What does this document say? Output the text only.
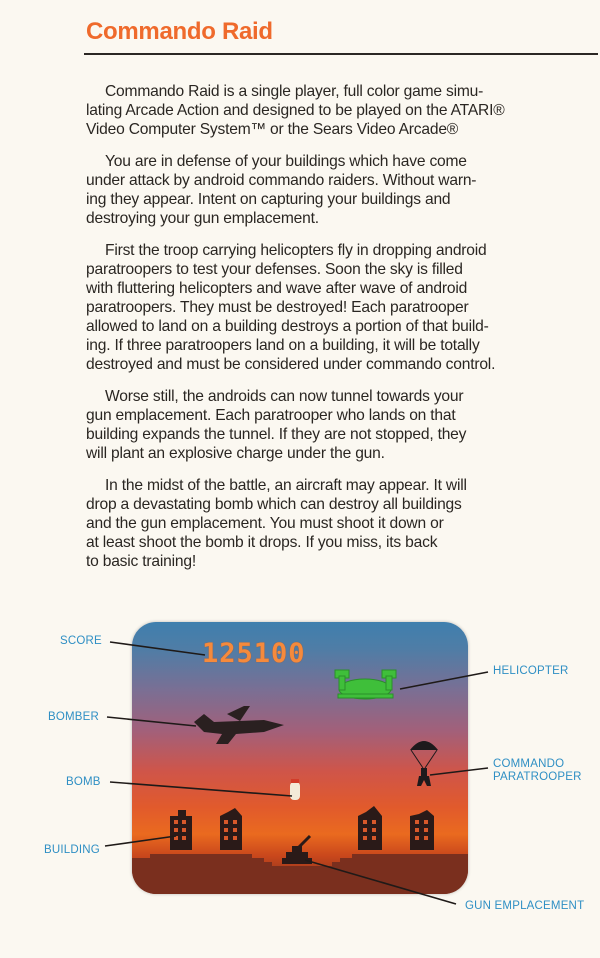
Commando Raid

Commando Raid is a single player, full color game simu-
lating Arcade Action and designed to be played on the ATARI®
Video Computer System™ or the Sears Video Arcade®

You are in defense of your buildings which have come
under attack by android commando raiders. Without warn-
ing they appear. Intent on capturing your buildings and
destroying your gun emplacement.

First the troop carrying helicopters fly in dropping android
paratroopers to test your defenses. Soon the sky is filled
with fluttering helicopters and wave after wave of android
paratroopers. They must be destroyed! Each paratrooper
allowed to land on a building destroys a portion of that build-
ing. If three paratroopers land on a building, it will be totally
destroyed and must be considered under commando control.

Worse still, the androids can now tunnel towards your
gun emplacement. Each paratrooper who lands on that
building expands the tunnel. If they are not stopped, they
will plant an explosive charge under the gun.

In the midst of the battle, an aircraft may appear. It will
drop a devastating bomb which can destroy all buildings
and the gun emplacement. You must shoot it down or
at least shoot the bomb it drops. If you miss, its back
to basic training!

125100
SCORE
BOMBER
BOMB
BUILDING
HELICOPTER
COMMANDO
PARATROOPER
GUN EMPLACEMENT
